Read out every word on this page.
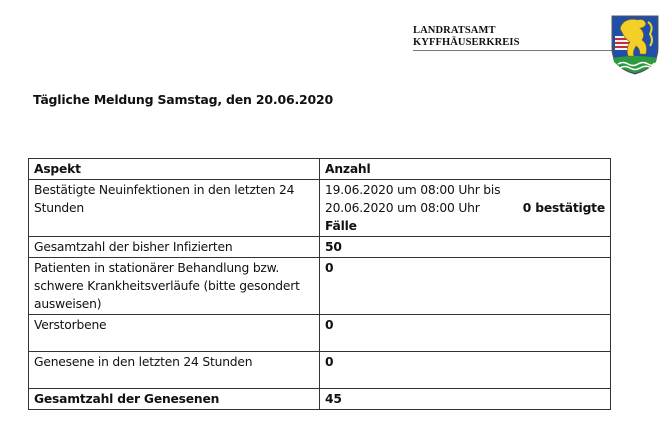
LANDRATSAMT
KYFFHÄUSERKREIS
Tägliche Meldung Samstag, den 20.06.2020
Aspekt	Anzahl
Bestätigte Neuinfektionen in den letzten 24 Stunden	19.06.2020 um 08:00 Uhr bis
20.06.2020 um 08:00 Uhr 0 bestätigte
Fälle

Gesamtzahl der bisher Infizierten	50
Patienten in stationärer Behandlung bzw. schwere Krankheitsverläufe (bitte gesondert ausweisen)	0
Verstorbene	0
Genesene in den letzten 24 Stunden	0
Gesamtzahl der Genesenen	45
